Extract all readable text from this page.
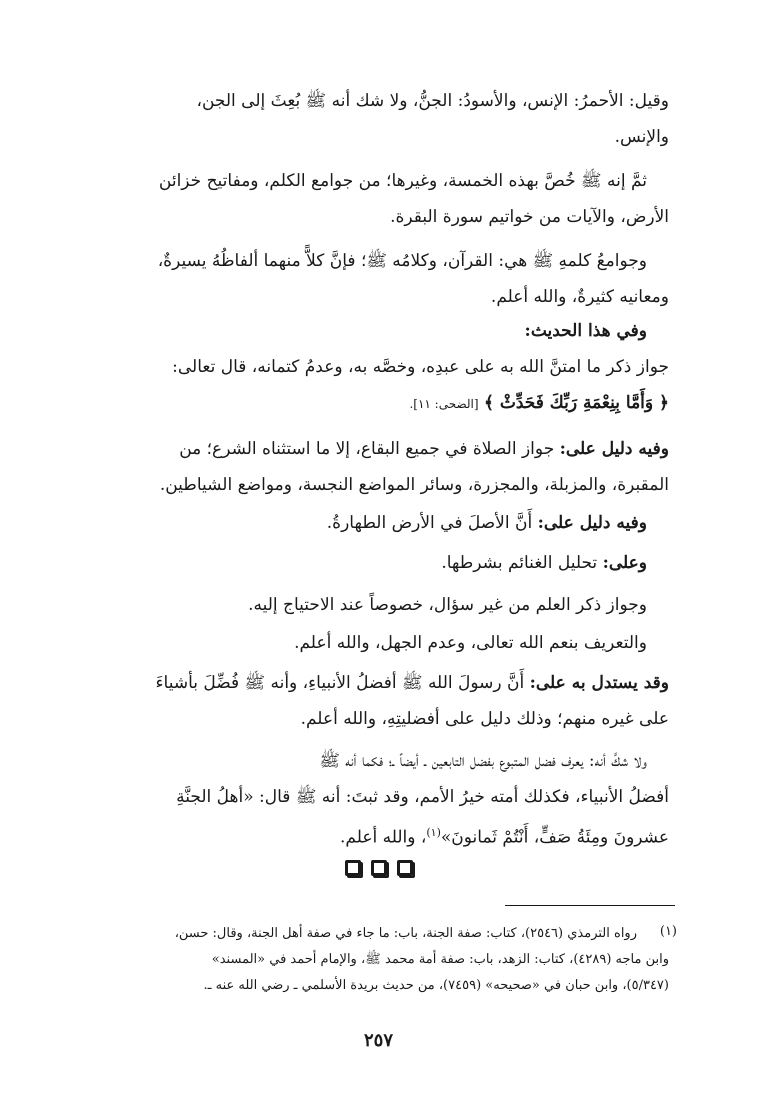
وقيل: الأحمرُ: الإنس، والأسودُ: الجنُّ، ولا شك أنه ﷺ بُعِثَ إلى الجن،
والإنس.
ثمَّ إنه ﷺ خُصَّ بهذه الخمسة، وغيرها؛ من جوامع الكلم، ومفاتيح خزائن
الأرض، والآيات من خواتيم سورة البقرة.
وجوامعُ كلمهِ ﷺ هي: القرآن، وكلامُه ﷺ؛ فإنَّ كلاًّ منهما ألفاظُهُ يسيرةٌ،
ومعانيه كثيرةٌ، والله أعلم.
وفي هذا الحديث:
جواز ذكر ما امتنَّ الله به على عبدِه، وخصَّه به، وعدمُ كتمانه، قال تعالى:
﴿ وَأَمَّا بِنِعْمَةِ رَبِّكَ فَحَدِّثْ ﴾ [الضحى: ١١].
وفيه دليل على: جواز الصلاة في جميع البقاع، إلا ما استثناه الشرع؛ من
المقبرة، والمزبلة، والمجزرة، وسائر المواضع النجسة، ومواضع الشياطين.
وفيه دليل على: أَنَّ الأصلَ في الأرض الطهارةُ.
وعلى: تحليل الغنائم بشرطها.
وجواز ذكر العلم من غير سؤال، خصوصاً عند الاحتياج إليه.
والتعريف بنعم الله تعالى، وعدم الجهل، والله أعلم.
وقد يستدل به على: أَنَّ رسولَ الله ﷺ أفضلُ الأنبياءِ، وأنه ﷺ فُضِّلَ بأشياءَ
على غيره منهم؛ وذلك دليل على أفضليتِهِ، والله أعلم.
ولا شكَّ أنه: يعرف فضل المتبوع بفضل التابعين ـ أيضاً ـ؛ فكما أنه ﷺ
أفضلُ الأنبياء، فكذلك أمته خيرُ الأمم، وقد ثبتَ: أنه ﷺ قال: «أهلُ الجنَّةِ
عشرونَ ومِئَةُ صَفٍّ، أَنْتُمْ ثَمانونَ»$^{(١)}$، والله أعلم.
(١)
رواه الترمذي (٢٥٤٦)، كتاب: صفة الجنة، باب: ما جاء في صفة أهل الجنة، وقال: حسن،
وابن ماجه (٤٢٨٩)، كتاب: الزهد، باب: صفة أمة محمد ﷺ، والإمام أحمد في «المسند»
(٥/٣٤٧)، وابن حبان في «صحيحه» (٧٤٥٩)، من حديث بريدة الأسلمي ـ رضي الله عنه ـ.
٢٥٧
